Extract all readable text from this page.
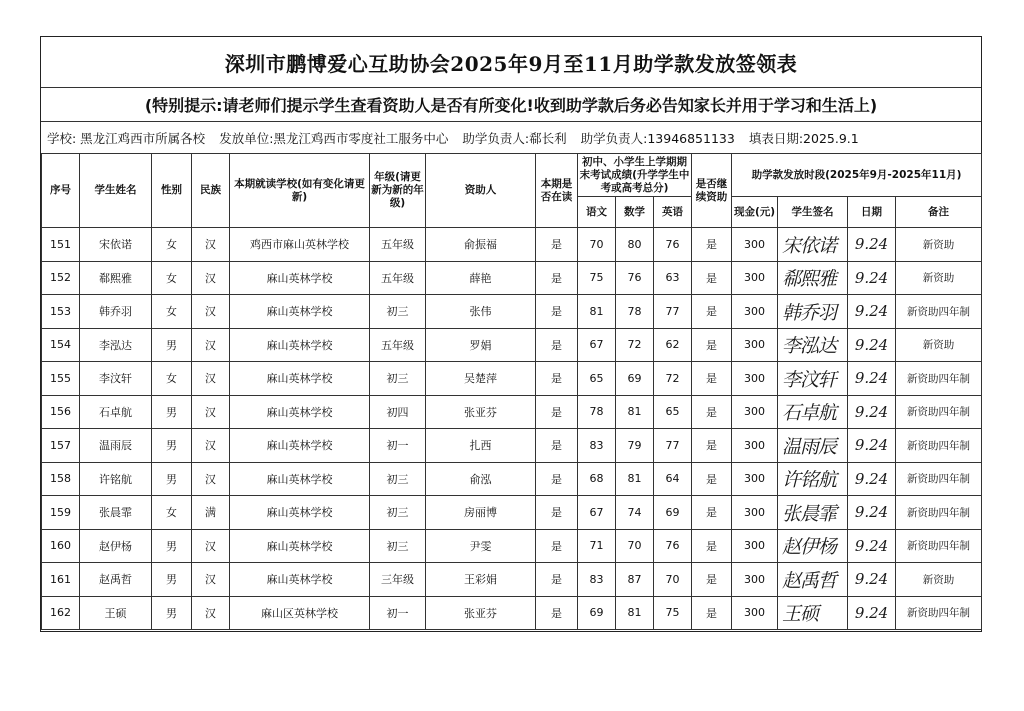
深圳市鹏博爱心互助协会2025年9月至11月助学款发放签领表
(特别提示:请老师们提示学生查看资助人是否有所变化!收到助学款后务必告知家长并用于学习和生活上)
学校: 黑龙江鸡西市所属各校 发放单位:黑龙江鸡西市零度社工服务中心 助学负责人:郗长利 助学负责人:13946851133 填表日期:2025.9.1
序号	学生姓名	性别	民族	本期就读学校(如有变化请更新)	年级(请更新为新的年级)	资助人	本期是否在读	初中、小学生上学期期末考试成绩(升学学生中考或高考总分)			是否继续资助	助学款发放时段(2025年9月-2025年11月)			
								语文	数学	英语		现金(元)	学生签名	日期	备注
151	宋依诺	女	汉	鸡西市麻山英林学校	五年级	俞振福	是	70	80	76	是	300	宋依诺	9.24	新资助
152	郗熙雅	女	汉	麻山英林学校	五年级	薛艳	是	75	76	63	是	300	郗熙雅	9.24	新资助
153	韩乔羽	女	汉	麻山英林学校	初三	张伟	是	81	78	77	是	300	韩乔羽	9.24	新资助四年制
154	李泓达	男	汉	麻山英林学校	五年级	罗娟	是	67	72	62	是	300	李泓达	9.24	新资助
155	李汶轩	女	汉	麻山英林学校	初三	吴楚萍	是	65	69	72	是	300	李汶轩	9.24	新资助四年制
156	石卓航	男	汉	麻山英林学校	初四	张亚芬	是	78	81	65	是	300	石卓航	9.24	新资助四年制
157	温雨辰	男	汉	麻山英林学校	初一	扎西	是	83	79	77	是	300	温雨辰	9.24	新资助四年制
158	许铭航	男	汉	麻山英林学校	初三	俞泓	是	68	81	64	是	300	许铭航	9.24	新资助四年制
159	张晨霏	女	满	麻山英林学校	初三	房丽博	是	67	74	69	是	300	张晨霏	9.24	新资助四年制
160	赵伊杨	男	汉	麻山英林学校	初三	尹雯	是	71	70	76	是	300	赵伊杨	9.24	新资助四年制
161	赵禹哲	男	汉	麻山英林学校	三年级	王彩娟	是	83	87	70	是	300	赵禹哲	9.24	新资助
162	王硕	男	汉	麻山区英林学校	初一	张亚芬	是	69	81	75	是	300	王硕	9.24	新资助四年制
